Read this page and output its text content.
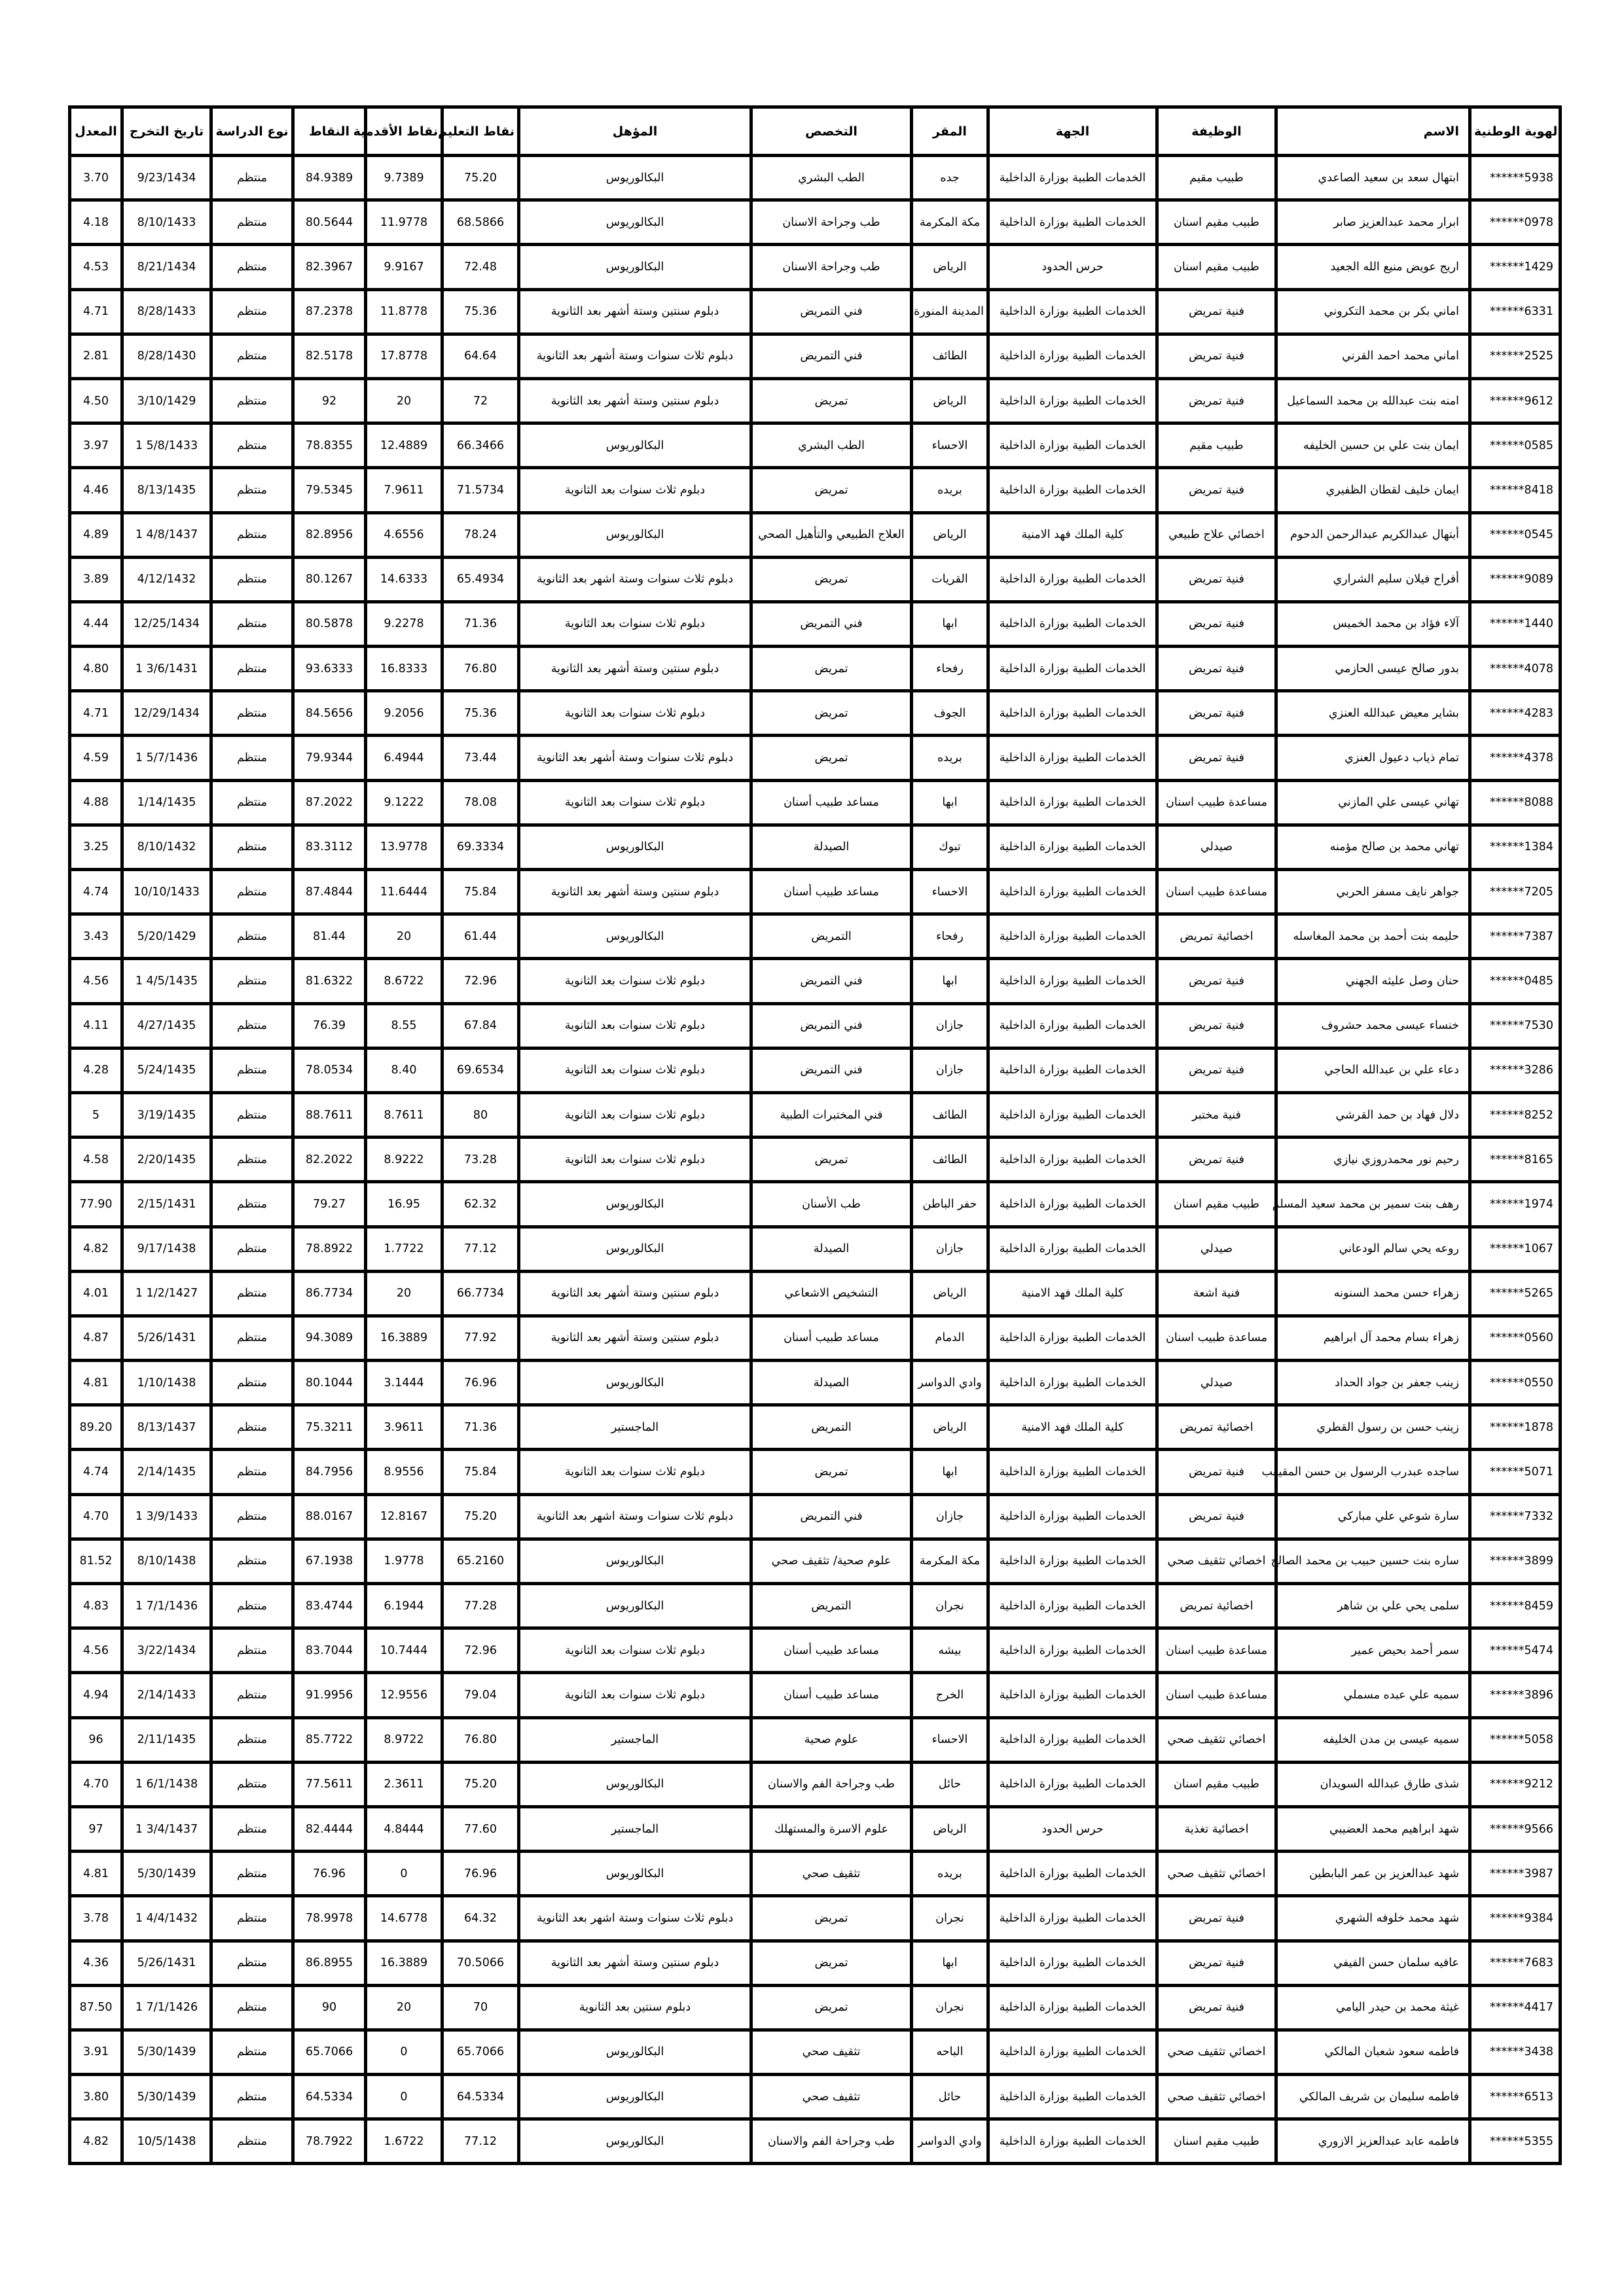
الهوية الوطنية	الاسم	الوظيفة	الجهة	المقر	التخصص	المؤهل	نقاط التعليم	نقاط الأقدمية	النقاط	نوع الدراسة	تاريخ التخرج	المعدل
******5938	ابتهال سعد بن سعيد الصاعدي	طبيب مقيم	الخدمات الطبية بوزارة الداخلية	جده	الطب البشري	البكالوريوس	75.20	9.7389	84.9389	منتظم	9/23/1434	3.70
******0978	ابرار محمد عبدالعزيز صابر	طبيب مقيم اسنان	الخدمات الطبية بوزارة الداخلية	مكة المكرمة	طب وجراحة الاسنان	البكالوريوس	68.5866	11.9778	80.5644	منتظم	8/10/1433	4.18
******1429	اريج عويض منيع الله الجعيد	طبيب مقيم اسنان	حرس الحدود	الرياض	طب وجراحة الاسنان	البكالوريوس	72.48	9.9167	82.3967	منتظم	8/21/1434	4.53
******6331	اماني بكر بن محمد التكروني	فنية تمريض	الخدمات الطبية بوزارة الداخلية	المدينة المنورة	فني التمريض	دبلوم سنتين وستة أشهر بعد الثانوية	75.36	11.8778	87.2378	منتظم	8/28/1433	4.71
******2525	اماني محمد احمد القرني	فنية تمريض	الخدمات الطبية بوزارة الداخلية	الطائف	فني التمريض	دبلوم ثلاث سنوات وستة أشهر بعد الثانوية	64.64	17.8778	82.5178	منتظم	8/28/1430	2.81
******9612	امنه بنت عبدالله بن محمد السماعيل	فنية تمريض	الخدمات الطبية بوزارة الداخلية	الرياض	تمريض	دبلوم سنتين وستة أشهر بعد الثانوية	72	20	92	منتظم	3/10/1429	4.50
******0585	ايمان بنت علي بن حسين الخليفه	طبيب مقيم	الخدمات الطبية بوزارة الداخلية	الاحساء	الطب البشري	البكالوريوس	66.3466	12.4889	78.8355	منتظم	5/8/1433 1	3.97
******8418	ايمان خليف لقطان الظفيري	فنية تمريض	الخدمات الطبية بوزارة الداخلية	بريده	تمريض	دبلوم ثلاث سنوات بعد الثانوية	71.5734	7.9611	79.5345	منتظم	8/13/1435	4.46
******0545	أبتهال عبدالكريم عبدالرحمن الدحوم	اخصائي علاج طبيعي	كلية الملك فهد الامنية	الرياض	العلاج الطبيعي والتأهيل الصحي	البكالوريوس	78.24	4.6556	82.8956	منتظم	4/8/1437 1	4.89
******9089	أفراح فيلان سليم الشراري	فنية تمريض	الخدمات الطبية بوزارة الداخلية	القريات	تمريض	دبلوم ثلاث سنوات وستة اشهر بعد الثانوية	65.4934	14.6333	80.1267	منتظم	4/12/1432	3.89
******1440	آلاء فؤاد بن محمد الخميس	فنية تمريض	الخدمات الطبية بوزارة الداخلية	ابها	فني التمريض	دبلوم ثلاث سنوات بعد الثانوية	71.36	9.2278	80.5878	منتظم	12/25/1434	4.44
******4078	بدور صالح عيسى الحازمي	فنية تمريض	الخدمات الطبية بوزارة الداخلية	رفحاء	تمريض	دبلوم سنتين وستة أشهر بعد الثانوية	76.80	16.8333	93.6333	منتظم	3/6/1431 1	4.80
******4283	بشاير معيض عبدالله العنزي	فنية تمريض	الخدمات الطبية بوزارة الداخلية	الجوف	تمريض	دبلوم ثلاث سنوات بعد الثانوية	75.36	9.2056	84.5656	منتظم	12/29/1434	4.71
******4378	تمام ذياب دعيول العنزي	فنية تمريض	الخدمات الطبية بوزارة الداخلية	بريده	تمريض	دبلوم ثلاث سنوات وستة أشهر بعد الثانوية	73.44	6.4944	79.9344	منتظم	5/7/1436 1	4.59
******8088	تهاني عيسى علي المازني	مساعدة طبيب اسنان	الخدمات الطبية بوزارة الداخلية	ابها	مساعد طبيب أسنان	دبلوم ثلاث سنوات بعد الثانوية	78.08	9.1222	87.2022	منتظم	1/14/1435	4.88
******1384	تهاني محمد بن صالح مؤمنه	صيدلي	الخدمات الطبية بوزارة الداخلية	تبوك	الصيدلة	البكالوريوس	69.3334	13.9778	83.3112	منتظم	8/10/1432	3.25
******7205	جواهر نايف مسفر الحربي	مساعدة طبيب اسنان	الخدمات الطبية بوزارة الداخلية	الاحساء	مساعد طبيب أسنان	دبلوم سنتين وستة أشهر بعد الثانوية	75.84	11.6444	87.4844	منتظم	10/10/1433	4.74
******7387	حليمه بنت أحمد بن محمد المغاسله	اخصائية تمريض	الخدمات الطبية بوزارة الداخلية	رفحاء	التمريض	البكالوريوس	61.44	20	81.44	منتظم	5/20/1429	3.43
******0485	حنان وصل عليثه الجهني	فنية تمريض	الخدمات الطبية بوزارة الداخلية	ابها	فني التمريض	دبلوم ثلاث سنوات بعد الثانوية	72.96	8.6722	81.6322	منتظم	4/5/1435 1	4.56
******7530	خنساء عيسى محمد حشروف	فنية تمريض	الخدمات الطبية بوزارة الداخلية	جازان	فني التمريض	دبلوم ثلاث سنوات بعد الثانوية	67.84	8.55	76.39	منتظم	4/27/1435	4.11
******3286	دعاء علي بن عبدالله الحاجي	فنية تمريض	الخدمات الطبية بوزارة الداخلية	جازان	فني التمريض	دبلوم ثلاث سنوات بعد الثانوية	69.6534	8.40	78.0534	منتظم	5/24/1435	4.28
******8252	دلال فهاد بن حمد القرشي	فنية مختبر	الخدمات الطبية بوزارة الداخلية	الطائف	فني المختبرات الطبية	دبلوم ثلاث سنوات بعد الثانوية	80	8.7611	88.7611	منتظم	3/19/1435	5
******8165	رحيم نور محمدروزي نيازي	فنية تمريض	الخدمات الطبية بوزارة الداخلية	الطائف	تمريض	دبلوم ثلاث سنوات بعد الثانوية	73.28	8.9222	82.2022	منتظم	2/20/1435	4.58
******1974	رهف بنت سمير بن محمد سعيد المسلم	طبيب مقيم اسنان	الخدمات الطبية بوزارة الداخلية	حفر الباطن	طب الأسنان	البكالوريوس	62.32	16.95	79.27	منتظم	2/15/1431	77.90
******1067	روعه يحي سالم الودعاني	صيدلي	الخدمات الطبية بوزارة الداخلية	جازان	الصيدلة	البكالوريوس	77.12	1.7722	78.8922	منتظم	9/17/1438	4.82
******5265	زهراء حسن محمد السنونه	فنية اشعة	كلية الملك فهد الامنية	الرياض	التشخيص الاشعاعي	دبلوم سنتين وستة أشهر بعد الثانوية	66.7734	20	86.7734	منتظم	1/2/1427 1	4.01
******0560	زهراء بسام محمد آل ابراهيم	مساعدة طبيب اسنان	الخدمات الطبية بوزارة الداخلية	الدمام	مساعد طبيب أسنان	دبلوم سنتين وستة أشهر بعد الثانوية	77.92	16.3889	94.3089	منتظم	5/26/1431	4.87
******0550	زينب جعفر بن جواد الحداد	صيدلي	الخدمات الطبية بوزارة الداخلية	وادي الدواسر	الصيدلة	البكالوريوس	76.96	3.1444	80.1044	منتظم	1/10/1438	4.81
******1878	زينب حسن بن رسول القطري	اخصائية تمريض	كلية الملك فهد الامنية	الرياض	التمريض	الماجستير	71.36	3.9611	75.3211	منتظم	8/13/1437	89.20
******5071	ساجده عبدرب الرسول بن حسن المقيقب	فنية تمريض	الخدمات الطبية بوزارة الداخلية	ابها	تمريض	دبلوم ثلاث سنوات بعد الثانوية	75.84	8.9556	84.7956	منتظم	2/14/1435	4.74
******7332	سارة شوعي علي مباركي	فنية تمريض	الخدمات الطبية بوزارة الداخلية	جازان	فني التمريض	دبلوم ثلاث سنوات وستة اشهر بعد الثانوية	75.20	12.8167	88.0167	منتظم	3/9/1433 1	4.70
******3899	ساره بنت حسين حبيب بن محمد الصالح	اخصائي تثقيف صحي	الخدمات الطبية بوزارة الداخلية	مكة المكرمة	علوم صحية/ تثقيف صحي	البكالوريوس	65.2160	1.9778	67.1938	منتظم	8/10/1438	81.52
******8459	سلمى يحي علي بن شاهر	اخصائية تمريض	الخدمات الطبية بوزارة الداخلية	نجران	التمريض	البكالوريوس	77.28	6.1944	83.4744	منتظم	7/1/1436 1	4.83
******5474	سمر أحمد بحيص عمير	مساعدة طبيب اسنان	الخدمات الطبية بوزارة الداخلية	بيشه	مساعد طبيب أسنان	دبلوم ثلاث سنوات بعد الثانوية	72.96	10.7444	83.7044	منتظم	3/22/1434	4.56
******3896	سميه علي عبده مسملي	مساعدة طبيب اسنان	الخدمات الطبية بوزارة الداخلية	الخرج	مساعد طبيب أسنان	دبلوم ثلاث سنوات بعد الثانوية	79.04	12.9556	91.9956	منتظم	2/14/1433	4.94
******5058	سميه عيسى بن مدن الخليفه	اخصائي تثقيف صحي	الخدمات الطبية بوزارة الداخلية	الاحساء	علوم صحية	الماجستير	76.80	8.9722	85.7722	منتظم	2/11/1435	96
******9212	شذى طارق عبدالله السويدان	طبيب مقيم اسنان	الخدمات الطبية بوزارة الداخلية	حائل	طب وجراحة الفم والاسنان	البكالوريوس	75.20	2.3611	77.5611	منتظم	6/1/1438 1	4.70
******9566	شهد ابراهيم محمد العضيبي	اخصائية تغذية	حرس الحدود	الرياض	علوم الاسرة والمستهلك	الماجستير	77.60	4.8444	82.4444	منتظم	3/4/1437 1	97
******3987	شهد عبدالعزيز بن عمر البابطين	اخصائي تثقيف صحي	الخدمات الطبية بوزارة الداخلية	بريده	تثقيف صحي	البكالوريوس	76.96	0	76.96	منتظم	5/30/1439	4.81
******9384	شهد محمد خلوفه الشهري	فنية تمريض	الخدمات الطبية بوزارة الداخلية	نجران	تمريض	دبلوم ثلاث سنوات وستة اشهر بعد الثانوية	64.32	14.6778	78.9978	منتظم	4/4/1432 1	3.78
******7683	عافيه سلمان حسن الفيفي	فنية تمريض	الخدمات الطبية بوزارة الداخلية	ابها	تمريض	دبلوم سنتين وستة أشهر بعد الثانوية	70.5066	16.3889	86.8955	منتظم	5/26/1431	4.36
******4417	غيثة محمد بن حيدر اليامي	فنية تمريض	الخدمات الطبية بوزارة الداخلية	نجران	تمريض	دبلوم سنتين بعد الثانوية	70	20	90	منتظم	7/1/1426 1	87.50
******3438	فاطمه سعود شعبان المالكي	اخصائي تثقيف صحي	الخدمات الطبية بوزارة الداخلية	الباحه	تثقيف صحي	البكالوريوس	65.7066	0	65.7066	منتظم	5/30/1439	3.91
******6513	فاطمه سليمان بن شريف المالكي	اخصائي تثقيف صحي	الخدمات الطبية بوزارة الداخلية	حائل	تثقيف صحي	البكالوريوس	64.5334	0	64.5334	منتظم	5/30/1439	3.80
******5355	فاطمه عابد عبدالعزيز الازوري	طبيب مقيم اسنان	الخدمات الطبية بوزارة الداخلية	وادي الدواسر	طب وجراحة الفم والاسنان	البكالوريوس	77.12	1.6722	78.7922	منتظم	10/5/1438	4.82
